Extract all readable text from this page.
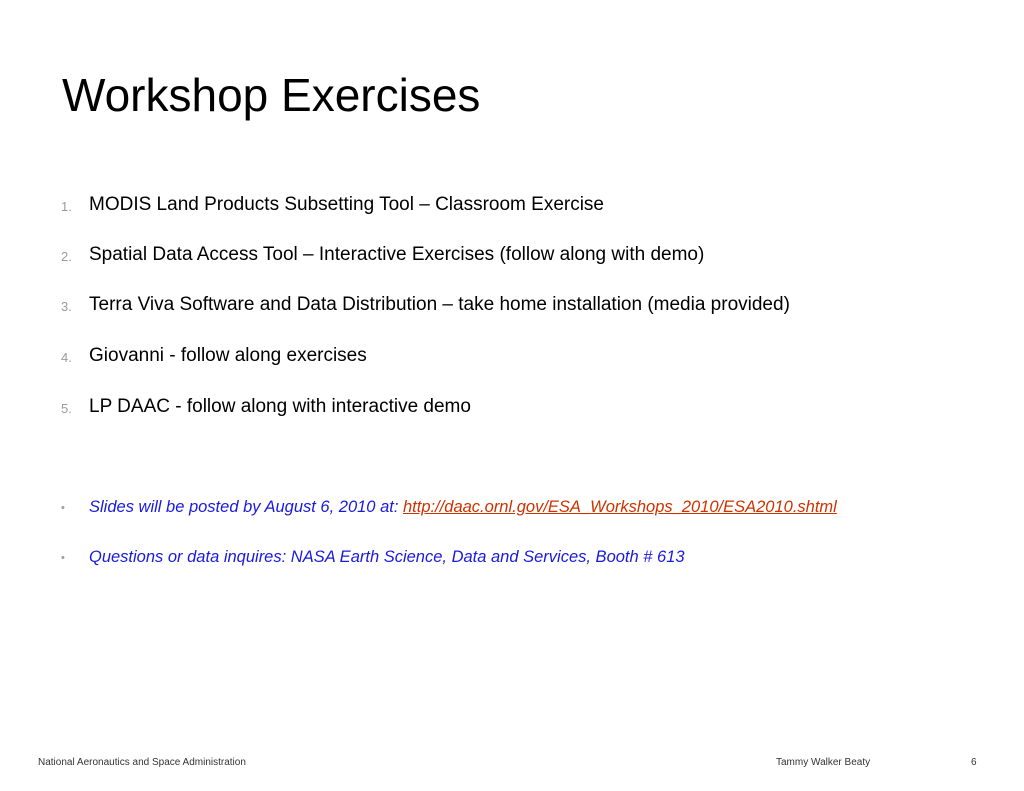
Workshop Exercises
1. MODIS Land Products Subsetting Tool – Classroom Exercise
2. Spatial Data Access Tool – Interactive Exercises (follow along with demo)
3. Terra Viva Software and Data Distribution – take home installation (media provided)
4. Giovanni - follow along exercises
5. LP DAAC - follow along with interactive demo
• Slides will be posted by August 6, 2010 at: http://daac.ornl.gov/ESA_Workshops_2010/ESA2010.shtml
• Questions or data inquires: NASA Earth Science, Data and Services, Booth # 613
National Aeronautics and Space Administration	Tammy Walker Beaty	6
